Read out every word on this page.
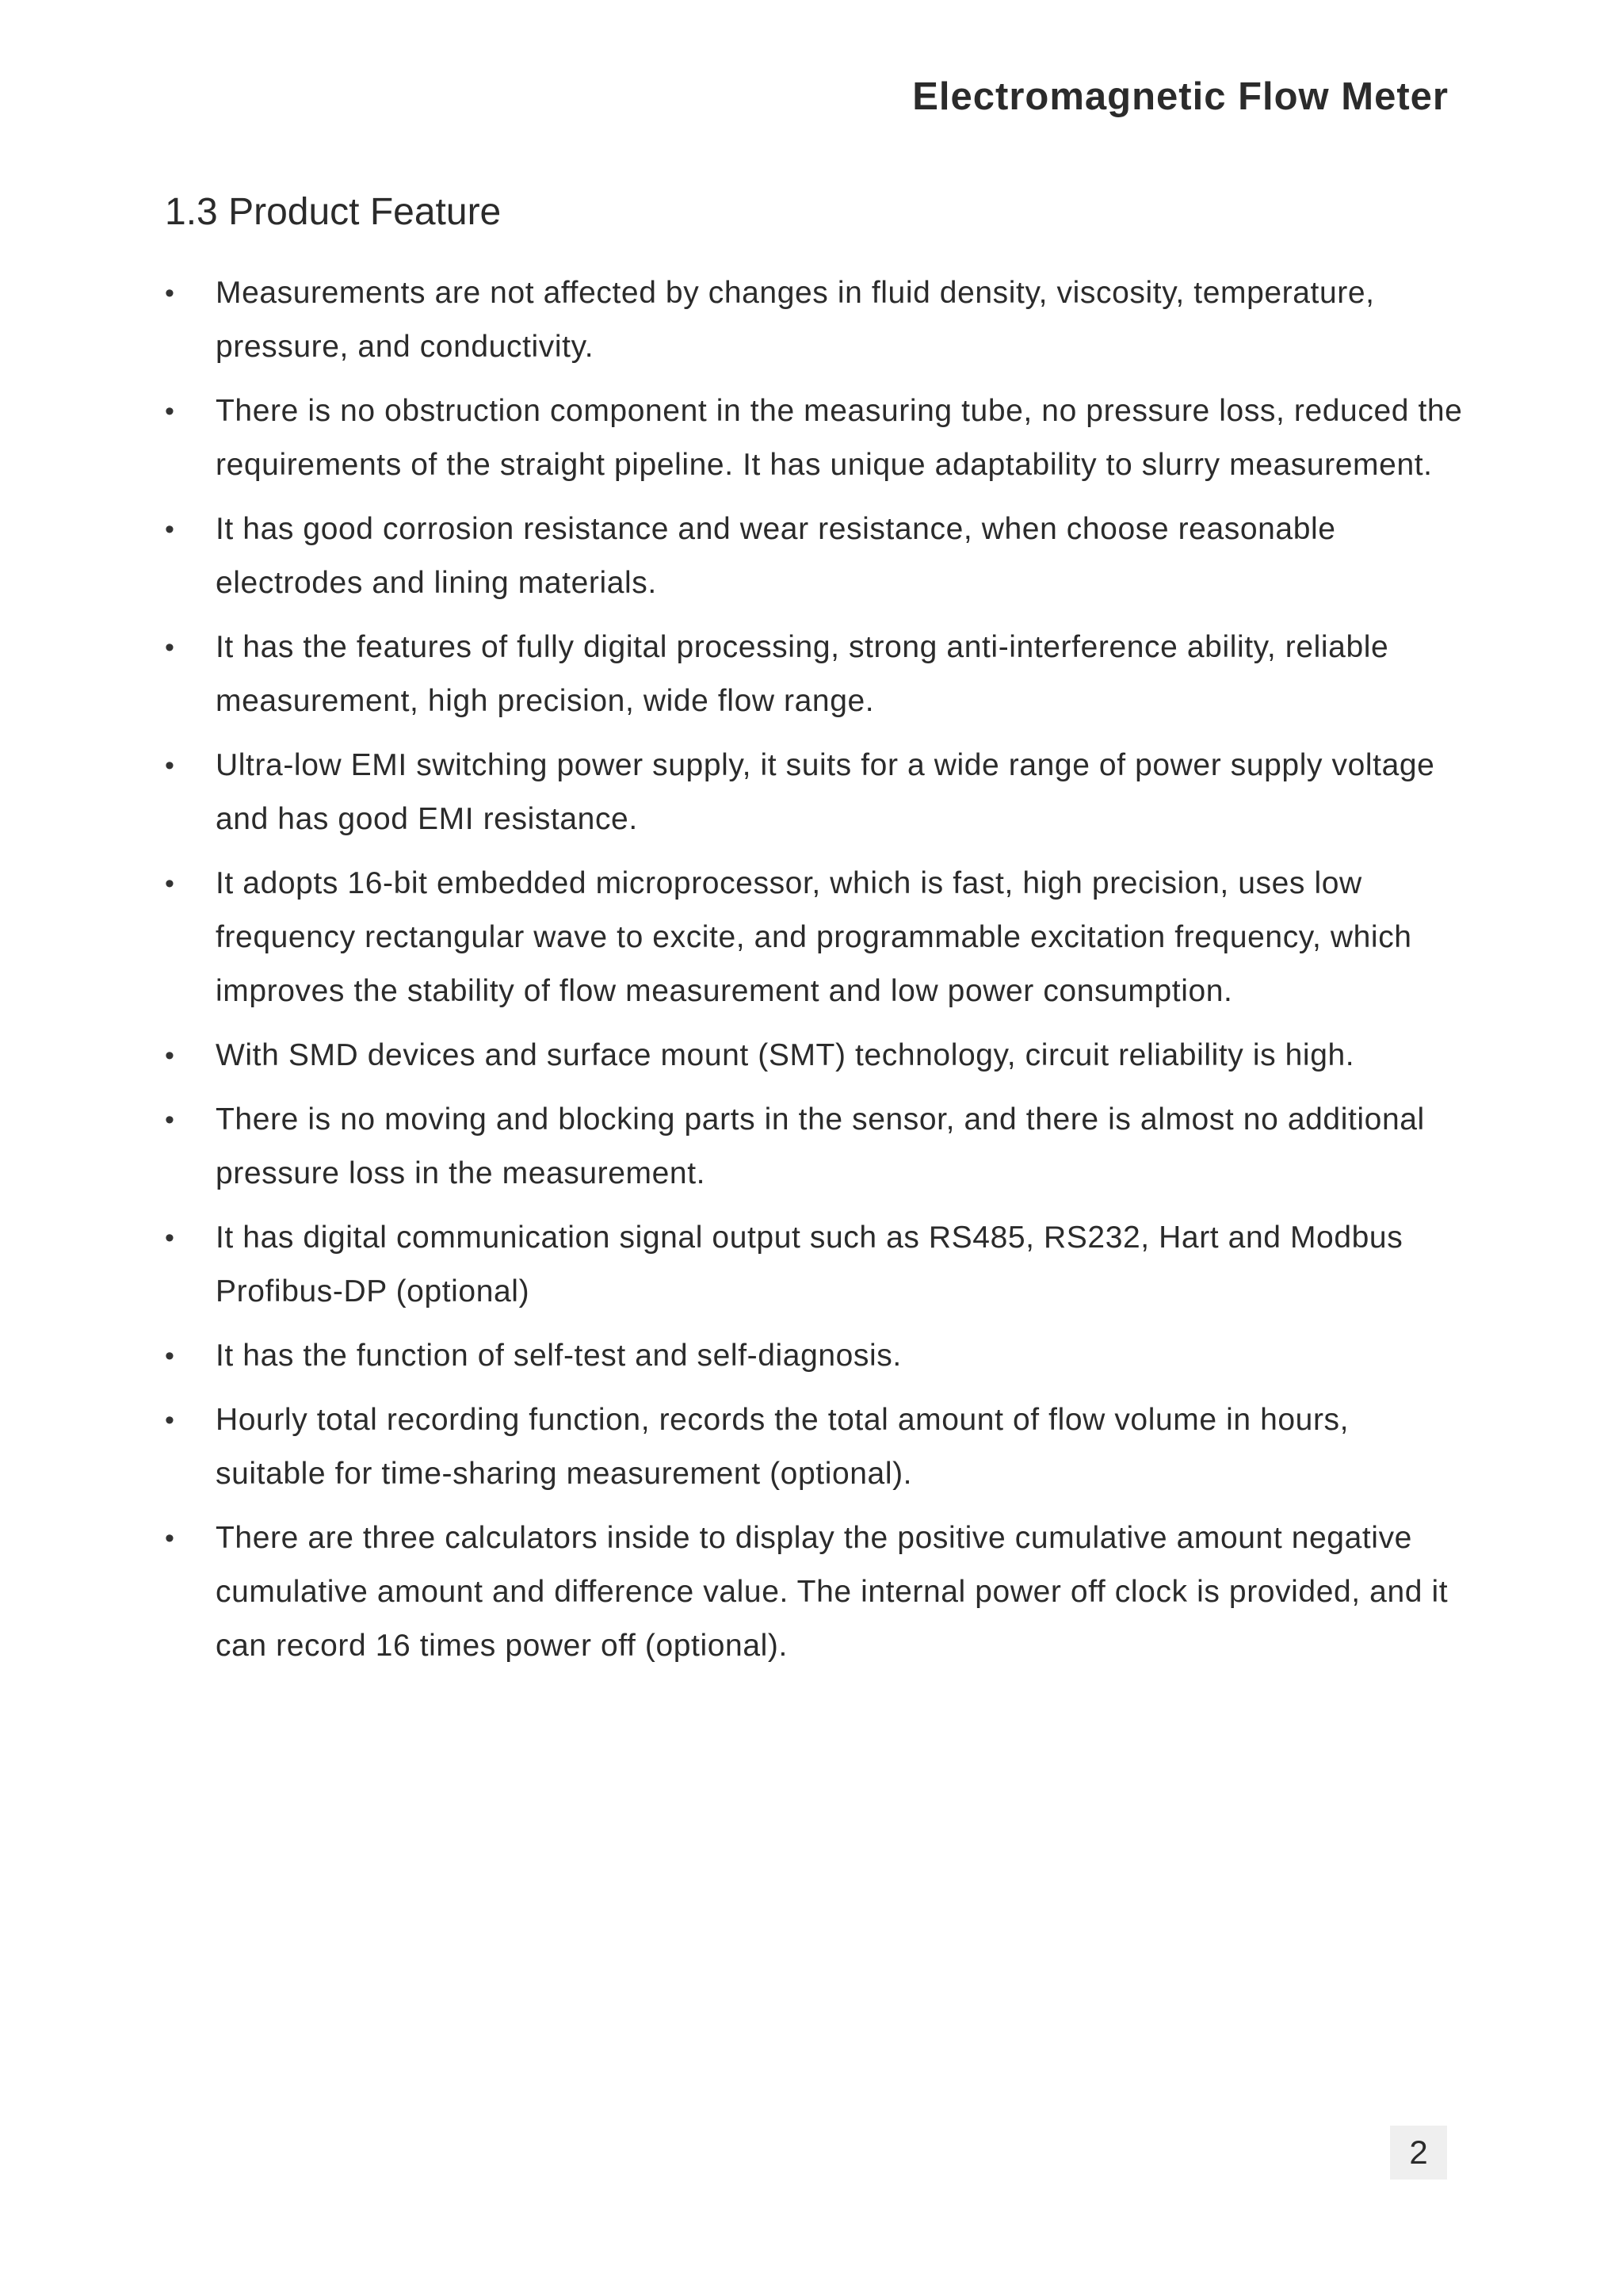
Electromagnetic Flow Meter
1.3 Product Feature
•	Measurements are not affected by changes in fluid density, viscosity, temperature, pressure, and conductivity.
•	There is no obstruction component in the measuring tube, no pressure loss, reduced the requirements of the straight pipeline. It has unique adaptability to slurry measurement.
•	It has good corrosion resistance and wear resistance, when choose reasonable electrodes and lining materials.
•	It has the features of fully digital processing, strong anti-interference ability, reliable measurement, high precision, wide flow range.
•	Ultra-low EMI switching power supply, it suits for a wide range of power supply voltage and has good EMI resistance.
•	It adopts 16-bit embedded microprocessor, which is fast, high precision, uses low frequency rectangular wave to excite, and programmable excitation frequency, which improves the stability of flow measurement and low power consumption.
•	With SMD devices and surface mount (SMT) technology, circuit reliability is high.
•	There is no moving and blocking parts in the sensor, and there is almost no additional pressure loss in the measurement.
•	It has digital communication signal output such as RS485, RS232, Hart and Modbus Profibus-DP (optional)
•	It has the function of self-test and self-diagnosis.
•	Hourly total recording function, records the total amount of flow volume in hours, suitable for time-sharing measurement (optional).
•	There are three calculators inside to display the positive cumulative amount negative cumulative amount and difference value. The internal power off clock is provided, and it can record 16 times power off (optional).
2
